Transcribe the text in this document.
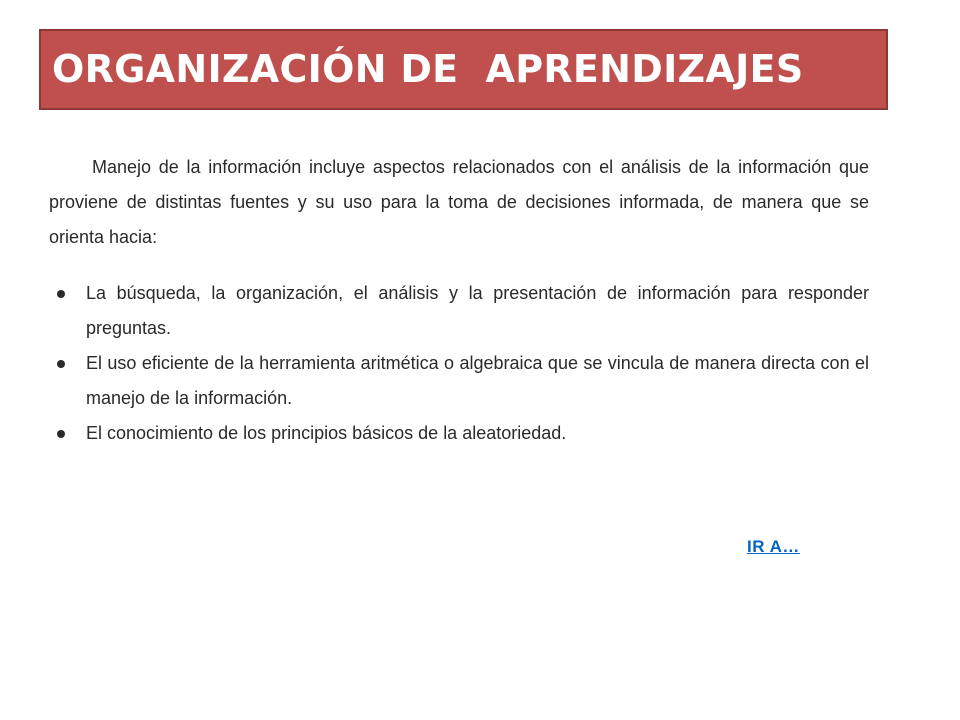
ORGANIZACIÓN DE  APRENDIZAJES

Manejo de la información incluye aspectos relacionados con el análisis de la información que proviene de distintas fuentes y su uso para la toma de decisiones informada, de manera que se orienta hacia:

La búsqueda, la organización, el análisis y la presentación de información para responder preguntas.
El uso eficiente de la herramienta aritmética o algebraica que se vincula de manera directa con el manejo de la información.
El conocimiento de los principios básicos de la aleatoriedad.
IR A…
